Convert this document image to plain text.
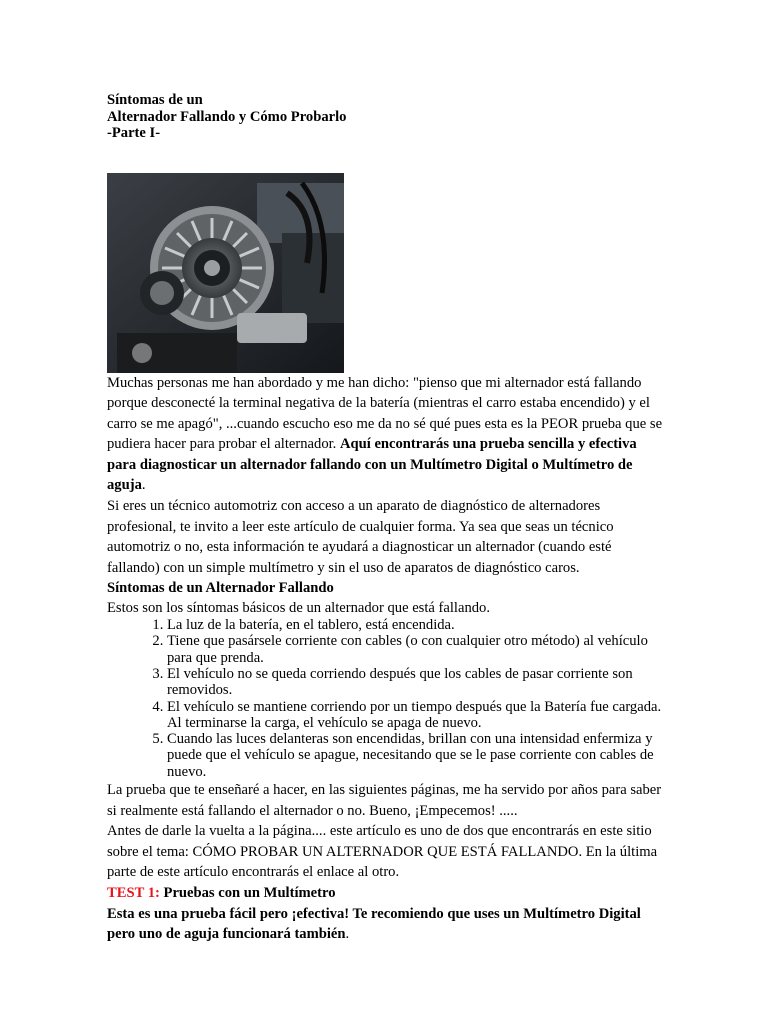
Síntomas de un

Alternador Fallando y Cómo Probarlo

-Parte I-

Muchas personas me han abordado y me han dicho: "pienso que mi alternador está fallando porque desconecté la terminal negativa de la batería (mientras el carro estaba encendido) y el carro se me apagó", ...cuando escucho eso me da no sé qué pues esta es la PEOR prueba que se pudiera hacer para probar el alternador. Aquí encontrarás una prueba sencilla y efectiva para diagnosticar un alternador fallando con un Multímetro Digital o Multímetro de aguja.

Si eres un técnico automotriz con acceso a un aparato de diagnóstico de alternadores profesional, te invito a leer este artículo de cualquier forma. Ya sea que seas un técnico automotriz o no, esta información te ayudará a diagnosticar un alternador (cuando esté fallando) con un simple multímetro y sin el uso de aparatos de diagnóstico caros.

Síntomas de un Alternador Fallando

Estos son los síntomas básicos de un alternador que está fallando.

1. La luz de la batería, en el tablero, está encendida.
2. Tiene que pasársele corriente con cables (o con cualquier otro método) al vehículo para que prenda.
3. El vehículo no se queda corriendo después que los cables de pasar corriente son removidos.
4. El vehículo se mantiene corriendo por un tiempo después que la Batería fue cargada. Al terminarse la carga, el vehículo se apaga de nuevo.
5. Cuando las luces delanteras son encendidas, brillan con una intensidad enfermiza y puede que el vehículo se apague, necesitando que se le pase corriente con cables de nuevo.

La prueba que te enseñaré a hacer, en las siguientes páginas, me ha servido por años para saber si realmente está fallando el alternador o no. Bueno, ¡Empecemos! .....

Antes de darle la vuelta a la página.... este artículo es uno de dos que encontrarás en este sitio sobre el tema: CÓMO PROBAR UN ALTERNADOR QUE ESTÁ FALLANDO. En la última parte de este artículo encontrarás el enlace al otro.

TEST 1: Pruebas con un Multímetro

Esta es una prueba fácil pero ¡efectiva! Te recomiendo que uses un Multímetro Digital pero uno de aguja funcionará también.
